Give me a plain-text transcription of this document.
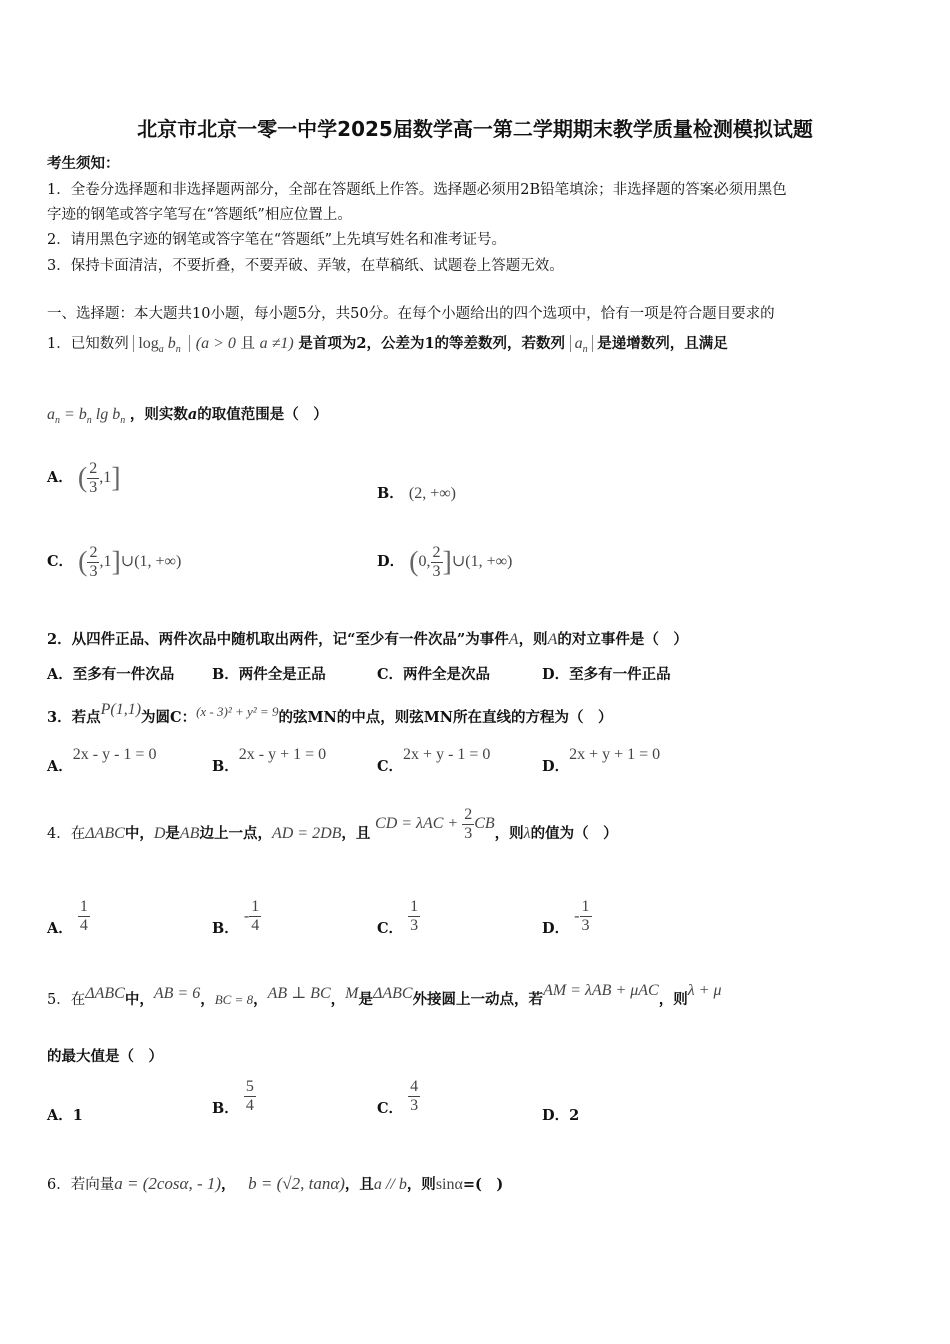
北京市北京一零一中学2025届数学高一第二学期期末教学质量检测模拟试题
考生须知：
1．全卷分选择题和非选择题两部分，全部在答题纸上作答。选择题必须用2B铅笔填涂；非选择题的答案必须用黑色
字迹的钢笔或答字笔写在“答题纸”相应位置上。
2．请用黑色字迹的钢笔或答字笔在“答题纸”上先填写姓名和准考证号。
3．保持卡面清洁，不要折叠，不要弄破、弄皱，在草稿纸、试题卷上答题无效。
一、选择题：本大题共10小题，每小题5分，共50分。在每个小题给出的四个选项中，恰有一项是符合题目要求的
1．已知数列 $\log_a b_n$ (a > 0 且 a ≠1) 是首项为2，公差为1的等差数列，若数列 $a_n$ 是递增数列，且满足
$a_n = b_n$ $\lg b_n$ ，则实数a的取值范围是（　）
A． ( $\frac{2}{3} ,1$]
B． (2, +∞)
C． ( $\frac{2}{3}$ ,1]∪(1, +∞)	D． (0, $\frac{2}{3}$ ]∪(1, +∞)
2．从四件正品、两件次品中随机取出两件，记“至少有一件次品”为事件A，则A的对立事件是（　）
A．至多有一件次品	B．两件全是正品	C．两件全是次品	D．至多有一件正品
3．若点P(1,1)为圆C：(x - 3)² + y² = 9的弦MN的中点，则弦MN所在直线的方程为（　）
A．2x - y - 1 = 0
B．2x - y + 1 = 0
C．2x + y - 1 = 0
D．2x + y + 1 = 0
4．在ΔABC中，D是AB边上一点，AD = 2DB，且 CD = $\lambda AC + \frac{2}{3}$ CB，则λ的值为（　）
A． $\frac{1}{4}$	B． - $\frac{1}{4}$	C． $\frac{1}{3}$	D． - $\frac{1}{3}$
5．在ΔABC中，AB = 6，BC = 8，AB ⊥ BC，M是ΔABC外接圆上一动点，若AM = λAB + μAC，则λ + μ
的最大值是（　）
A．1	B． $\frac{5}{4}$	C． $\frac{4}{3}$
D．2
6．若向量a = (2cosα, - 1)， b = (√2, tanα)，且a // b，则sinα=(　)
